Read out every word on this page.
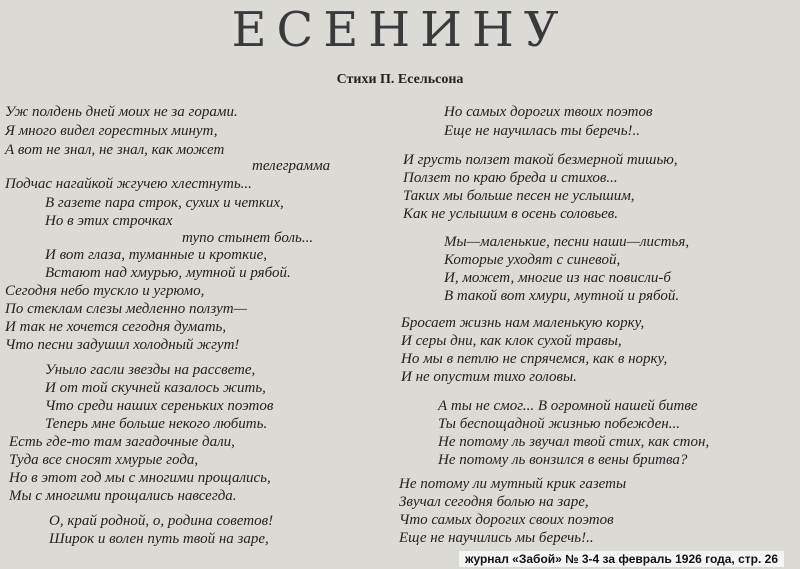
ЕСЕНИНУ
Стихи П. Есельсона
Уж полдень дней моих не за горами.
Я много видел горестных минут,
А вот не знал, не знал, как может
телеграмма
Подчас нагайкой жгучею хлестнуть...
В газете пара строк, сухих и четких,
Но в этих строчках
тупо стынет боль...
И вот глаза, туманные и кроткие,
Встают над хмурью, мутной и рябой.
Сегодня небо тускло и угрюмо,
По стеклам слезы медленно ползут—
И так не хочется сегодня думать,
Что песни задушил холодный жгут!
Уныло гасли звезды на рассвете,
И от той скучней казалось жить,
Что среди наших сереньких поэтов
Теперь мне больше некого любить.
Есть где-то там загадочные дали,
Туда все сносят хмурые года,
Но в этот год мы с многими прощались,
Мы с многими прощались навсегда.
О, край родной, о, родина советов!
Широк и волен путь твой на заре,
Но самых дорогих твоих поэтов
Еще не научилась ты беречь!..
И грусть ползет такой безмерной тишью,
Ползет по краю бреда и стихов...
Таких мы больше песен не услышим,
Как не услышим в осень соловьев.
Мы—маленькие, песни наши—листья,
Которые уходят с синевой,
И, может, многие из нас повисли-б
В такой вот хмури, мутной и рябой.
Бросает жизнь нам маленькую корку,
И серы дни, как клок сухой травы,
Но мы в петлю не спрячемся, как в норку,
И не опустим тихо головы.
А ты не смог... В огромной нашей битве
Ты беспощадной жизнью побежден...
Не потому ль звучал твой стих, как стон,
Не потому ль вонзился в вены бритва?
Не потому ли мутный крик газеты
Звучал сегодня болью на заре,
Что самых дорогих своих поэтов
Еще не научились мы беречь!..
журнал «Забой» № 3-4 за февраль 1926 года, стр. 26
